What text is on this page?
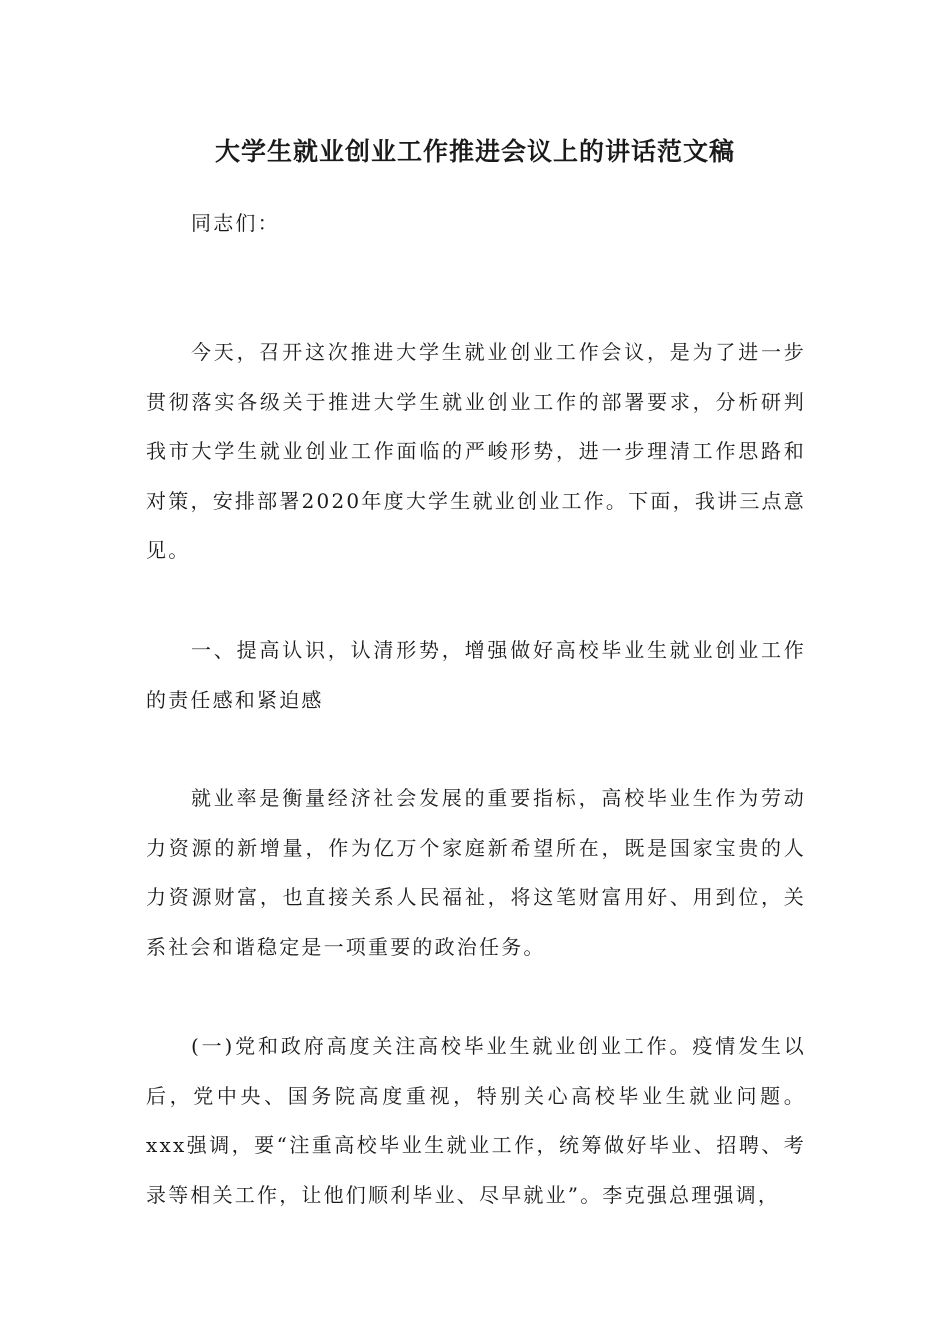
大学生就业创业工作推进会议上的讲话范文稿

同志们：

今天，召开这次推进大学生就业创业工作会议，是为了进一步贯彻落实各级关于推进大学生就业创业工作的部署要求，分析研判我市大学生就业创业工作面临的严峻形势，进一步理清工作思路和对策，安排部署2020年度大学生就业创业工作。下面，我讲三点意见。

一、提高认识，认清形势，增强做好高校毕业生就业创业工作的责任感和紧迫感

就业率是衡量经济社会发展的重要指标，高校毕业生作为劳动力资源的新增量，作为亿万个家庭新希望所在，既是国家宝贵的人力资源财富，也直接关系人民福祉，将这笔财富用好、用到位，关系社会和谐稳定是一项重要的政治任务。

(一)党和政府高度关注高校毕业生就业创业工作。疫情发生以后，党中央、国务院高度重视，特别关心高校毕业生就业问题。xxx强调，要“注重高校毕业生就业工作，统筹做好毕业、招聘、考录等相关工作，让他们顺利毕业、尽早就业”。李克强总理强调，
